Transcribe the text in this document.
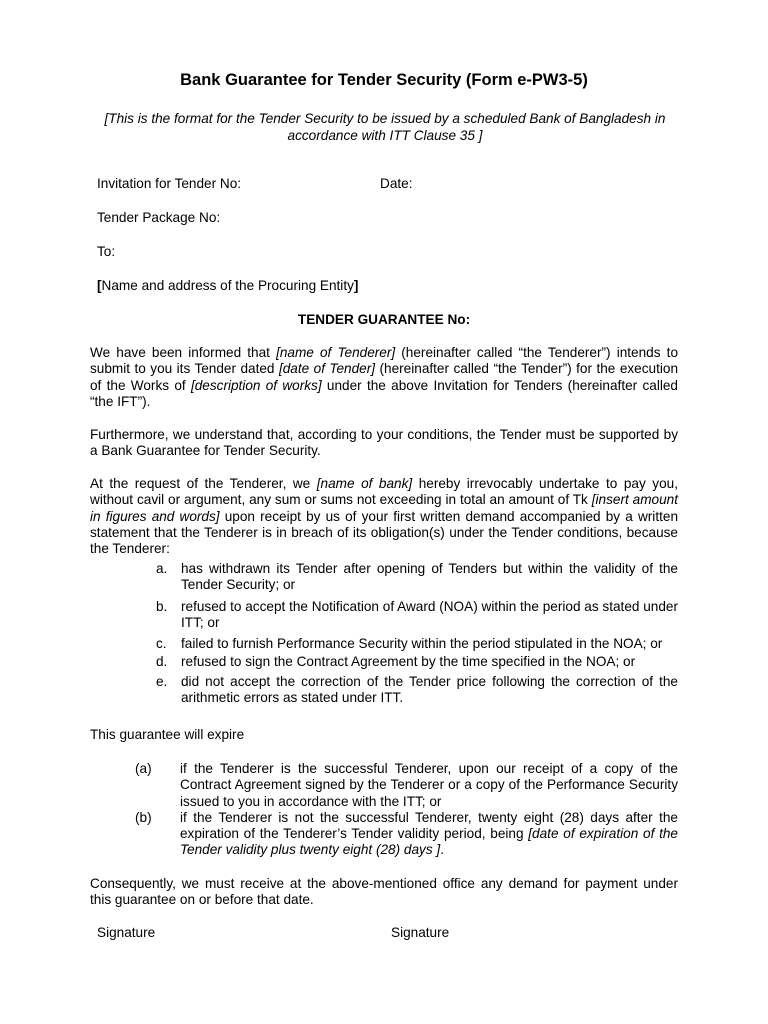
Bank Guarantee for Tender Security (Form e-PW3-5)
[This is the format for the Tender Security to be issued by a scheduled Bank of Bangladesh in accordance with ITT Clause 35 ]
Invitation for Tender No:	Date:
Tender Package No:
To:
[Name and address of the Procuring Entity]
TENDER GUARANTEE No:
We have been informed that [name of Tenderer] (hereinafter called “the Tenderer”) intends to submit to you its Tender dated [date of Tender] (hereinafter called “the Tender”) for the execution of the Works of [description of works] under the above Invitation for Tenders (hereinafter called “the IFT”).
Furthermore, we understand that, according to your conditions, the Tender must be supported by a Bank Guarantee for Tender Security.
At the request of the Tenderer, we [name of bank] hereby irrevocably undertake to pay you, without cavil or argument, any sum or sums not exceeding in total an amount of Tk [insert amount in figures and words] upon receipt by us of your first written demand accompanied by a written statement that the Tenderer is in breach of its obligation(s) under the Tender conditions, because the Tenderer:
a. has withdrawn its Tender after opening of Tenders but within the validity of the Tender Security; or
b. refused to accept the Notification of Award (NOA) within the period as stated under ITT; or
c. failed to furnish Performance Security within the period stipulated in the NOA; or
d. refused to sign the Contract Agreement by the time specified in the NOA; or
e. did not accept the correction of the Tender price following the correction of the arithmetic errors as stated under ITT.
This guarantee will expire
(a) if the Tenderer is the successful Tenderer, upon our receipt of a copy of the Contract Agreement signed by the Tenderer or a copy of the Performance Security issued to you in accordance with the ITT; or
(b) if the Tenderer is not the successful Tenderer, twenty eight (28) days after the expiration of the Tenderer’s Tender validity period, being [date of expiration of the Tender validity plus twenty eight (28) days ].
Consequently, we must receive at the above-mentioned office any demand for payment under this guarantee on or before that date.
Signature	Signature
